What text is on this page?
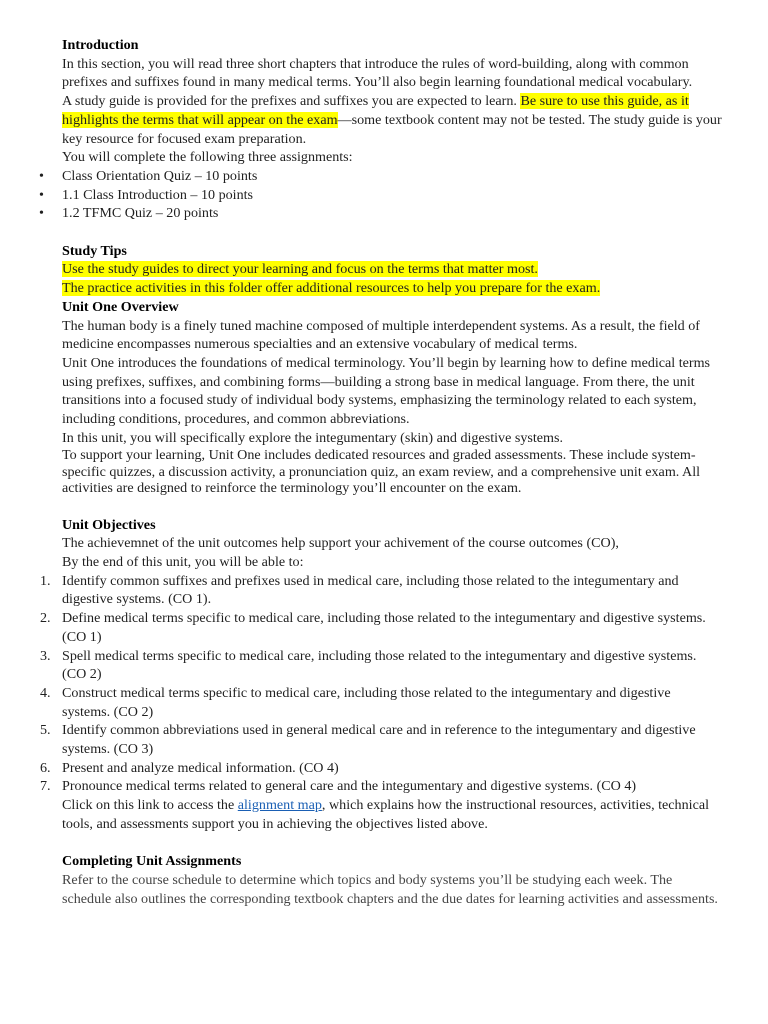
Introduction
In this section, you will read three short chapters that introduce the rules of word-building, along with common prefixes and suffixes found in many medical terms. You’ll also begin learning foundational medical vocabulary.
A study guide is provided for the prefixes and suffixes you are expected to learn. Be sure to use this guide, as it highlights the terms that will appear on the exam—some textbook content may not be tested. The study guide is your key resource for focused exam preparation.
You will complete the following three assignments:
• Class Orientation Quiz – 10 points
• 1.1 Class Introduction – 10 points
• 1.2 TFMC Quiz – 20 points
Study Tips
Use the study guides to direct your learning and focus on the terms that matter most.
The practice activities in this folder offer additional resources to help you prepare for the exam.
Unit One Overview
The human body is a finely tuned machine composed of multiple interdependent systems. As a result, the field of medicine encompasses numerous specialties and an extensive vocabulary of medical terms.
Unit One introduces the foundations of medical terminology. You’ll begin by learning how to define medical terms using prefixes, suffixes, and combining forms—building a strong base in medical language. From there, the unit transitions into a focused study of individual body systems, emphasizing the terminology related to each system, including conditions, procedures, and common abbreviations.
In this unit, you will specifically explore the integumentary (skin) and digestive systems.
To support your learning, Unit One includes dedicated resources and graded assessments. These include system-specific quizzes, a discussion activity, a pronunciation quiz, an exam review, and a comprehensive unit exam. All activities are designed to reinforce the terminology you’ll encounter on the exam.
Unit Objectives
The achievemnet of the unit outcomes help support your achivement of the course outcomes (CO),
By the end of this unit, you will be able to:
1. Identify common suffixes and prefixes used in medical care, including those related to the integumentary and digestive systems. (CO 1).
2. Define medical terms specific to medical care, including those related to the integumentary and digestive systems. (CO 1)
3. Spell medical terms specific to medical care, including those related to the integumentary and digestive systems. (CO 2)
4. Construct medical terms specific to medical care, including those related to the integumentary and digestive systems. (CO 2)
5. Identify common abbreviations used in general medical care and in reference to the integumentary and digestive systems. (CO 3)
6. Present and analyze medical information. (CO 4)
7. Pronounce medical terms related to general care and the integumentary and digestive systems. (CO 4)
Click on this link to access the alignment map, which explains how the instructional resources, activities, technical tools, and assessments support you in achieving the objectives listed above.
Completing Unit Assignments
Refer to the course schedule to determine which topics and body systems you’ll be studying each week. The schedule also outlines the corresponding textbook chapters and the due dates for learning activities and assessments.
